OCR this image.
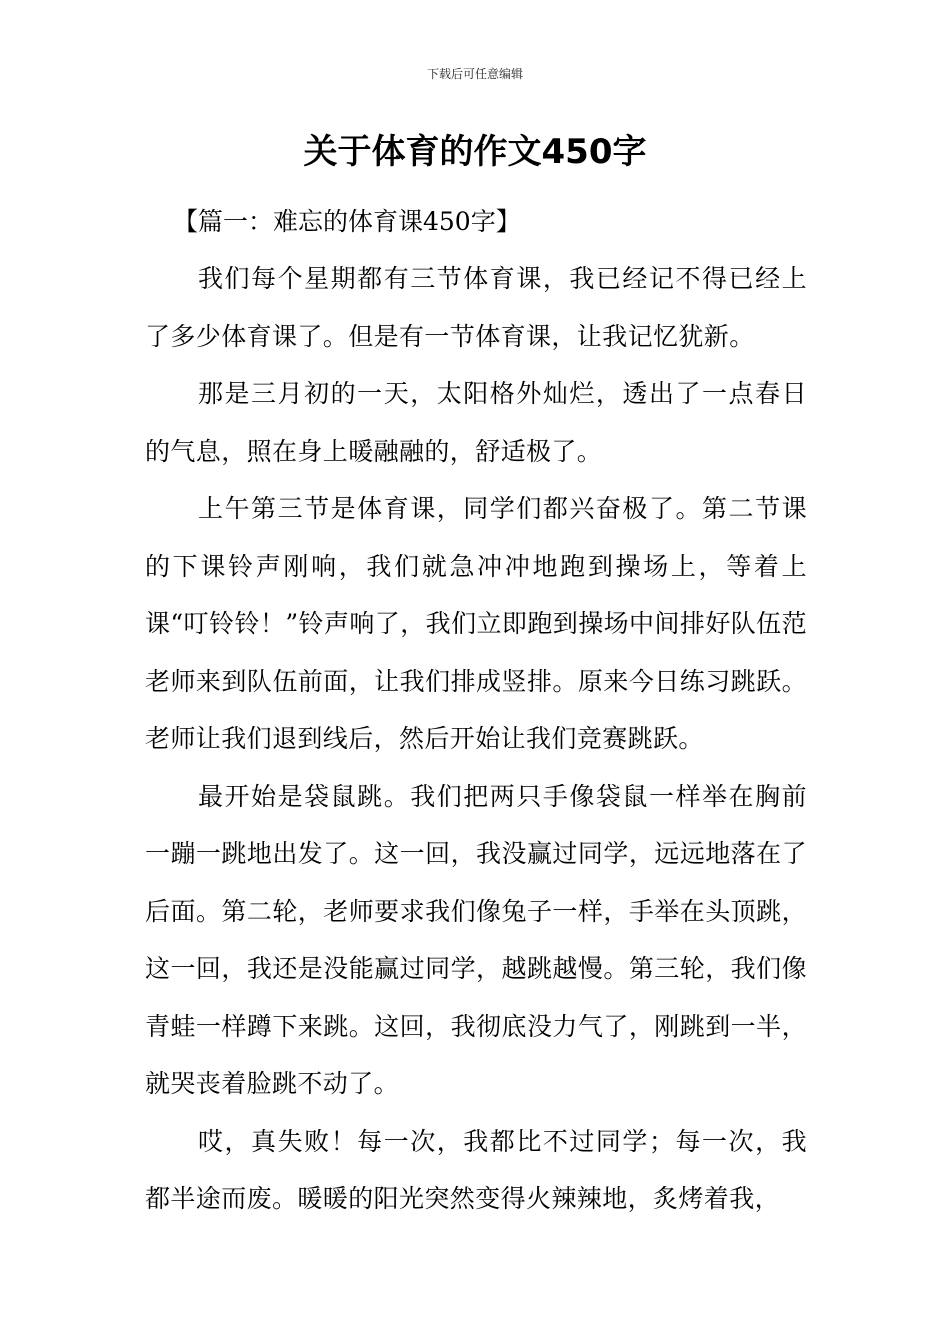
下载后可任意编辑
关于体育的作文450字
【篇一：难忘的体育课450字】

我们每个星期都有三节体育课，我已经记不得已经上了多少体育课了。但是有一节体育课，让我记忆犹新。

那是三月初的一天，太阳格外灿烂，透出了一点春日的气息，照在身上暖融融的，舒适极了。

上午第三节是体育课，同学们都兴奋极了。第二节课的下课铃声刚响，我们就急冲冲地跑到操场上，等着上课“叮铃铃！”铃声响了，我们立即跑到操场中间排好队伍范老师来到队伍前面，让我们排成竖排。原来今日练习跳跃。老师让我们退到线后，然后开始让我们竞赛跳跃。

最开始是袋鼠跳。我们把两只手像袋鼠一样举在胸前一蹦一跳地出发了。这一回，我没赢过同学，远远地落在了后面。第二轮，老师要求我们像兔子一样，手举在头顶跳，这一回，我还是没能赢过同学，越跳越慢。第三轮，我们像青蛙一样蹲下来跳。这回，我彻底没力气了，刚跳到一半，就哭丧着脸跳不动了。

哎，真失败！每一次，我都比不过同学；每一次，我都半途而废。暖暖的阳光突然变得火辣辣地，炙烤着我，
